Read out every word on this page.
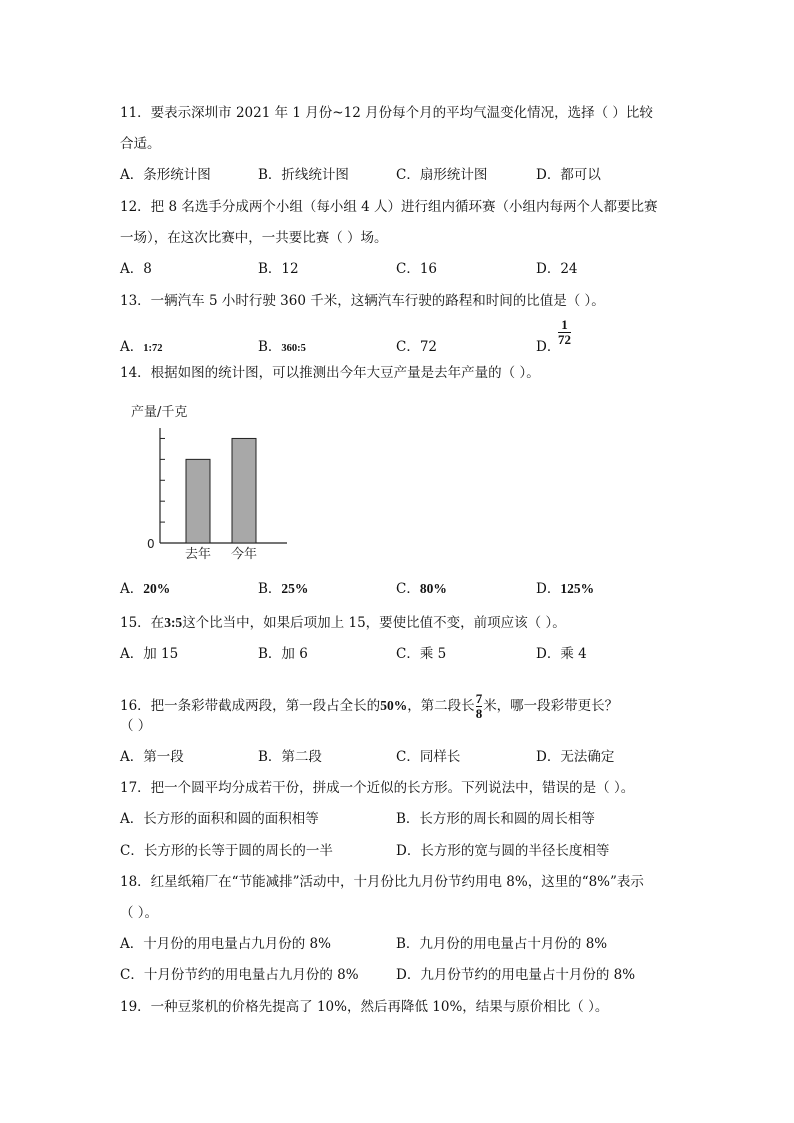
11．要表示深圳市 2021 年 1 月份~12 月份每个月的平均气温变化情况，选择（ ）比较
合适。
A．条形统计图	B．折线统计图	C．扇形统计图	D．都可以
12．把 8 名选手分成两个小组（每小组 4 人）进行组内循环赛（小组内每两个人都要比赛
一场），在这次比赛中，一共要比赛（ ）场。
A．8	B．12	C．16	D．24
13．一辆汽车 5 小时行驶 360 千米，这辆汽车行驶的路程和时间的比值是（ ）。
A．1:72	B．360:5	C．72	D．
$\frac{1}{72}$
14．根据如图的统计图，可以推测出今年大豆产量是去年产量的（ ）。
产量/千克
0
去年 今年
A．20%	B．25%	C．80%	D．125%
15．在3:5这个比当中，如果后项加上 15，要使比值不变，前项应该（ ）。
A．加 15	B．加 6	C．乘 5	D．乘 4
16．把一条彩带截成两段，第一段占全长的50%，第二段长 $\frac{7}{8}$ 米，哪一段彩带更长？
（ ）
A．第一段	B．第二段	C．同样长	D．无法确定
17．把一个圆平均分成若干份，拼成一个近似的长方形。下列说法中，错误的是（ ）。
A．长方形的面积和圆的面积相等	B．长方形的周长和圆的周长相等
C．长方形的长等于圆的周长的一半	D．长方形的宽与圆的半径长度相等
18．红星纸箱厂在“节能减排”活动中，十月份比九月份节约用电 8%，这里的“8%”表示
（ ）。
A．十月份的用电量占九月份的 8%	B．九月份的用电量占十月份的 8%
C．十月份节约的用电量占九月份的 8%	D．九月份节约的用电量占十月份的 8%
19．一种豆浆机的价格先提高了 10%，然后再降低 10%，结果与原价相比（ ）。
